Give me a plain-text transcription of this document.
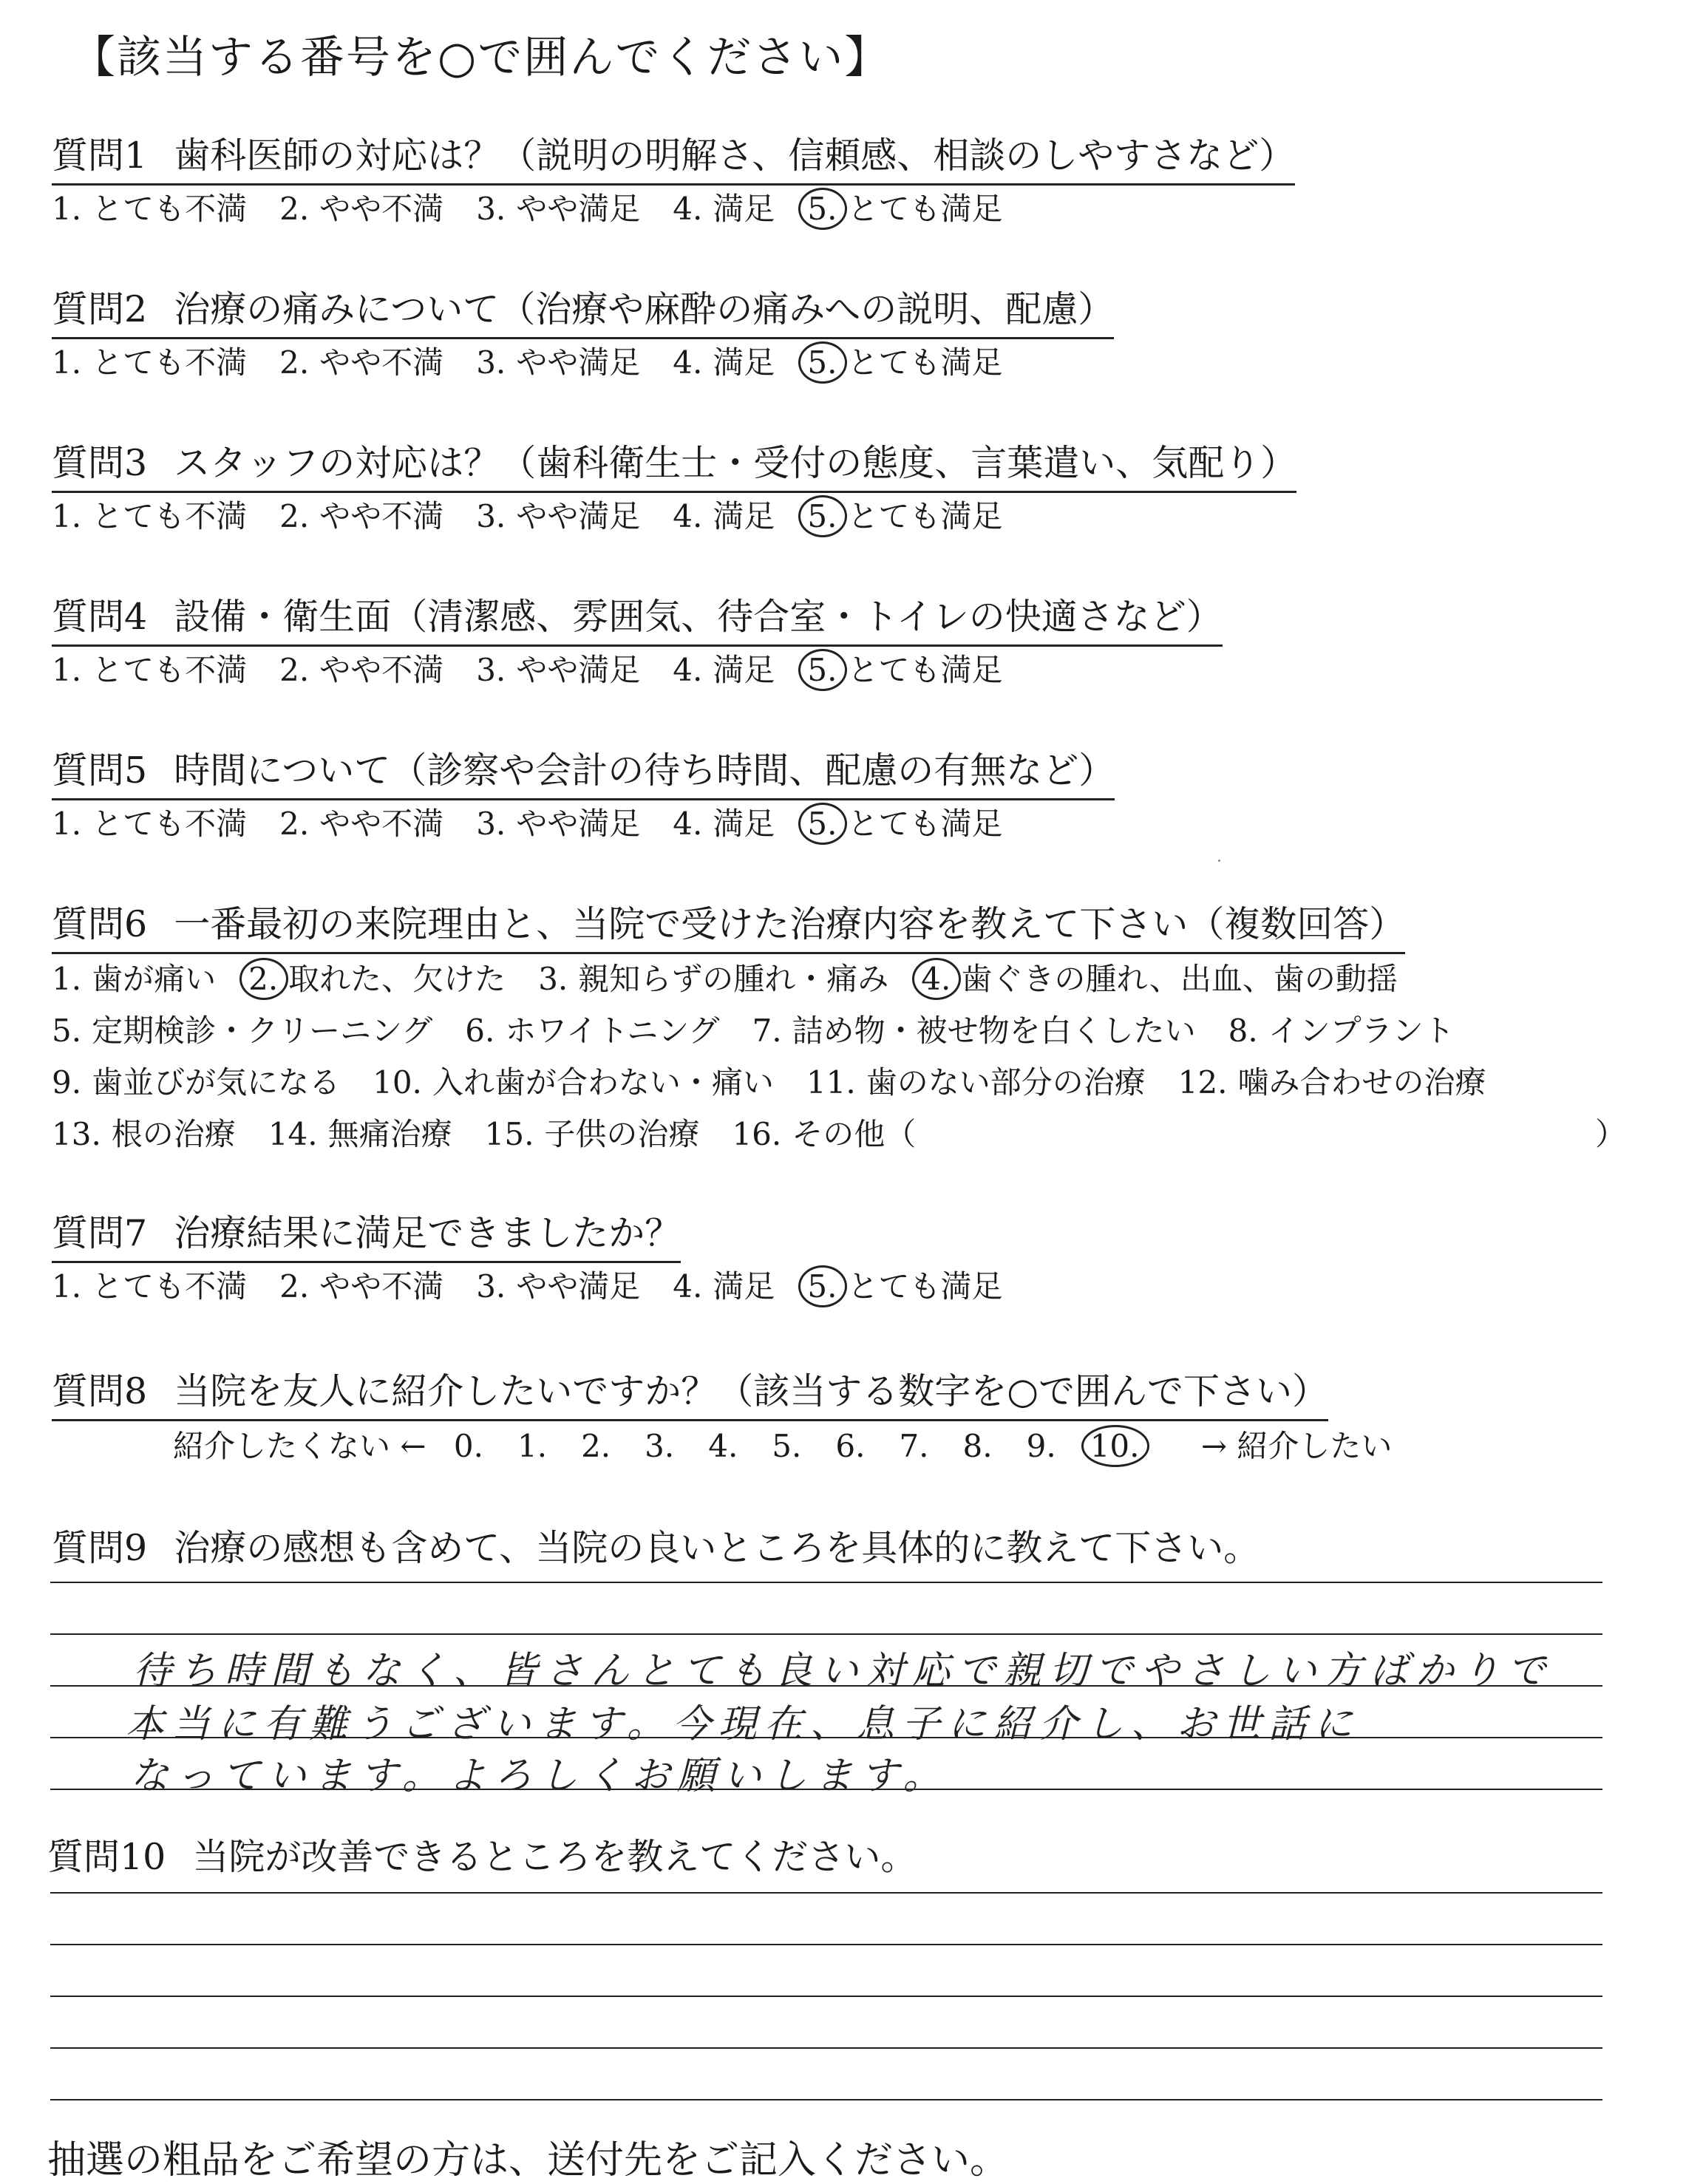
【該当する番号を○で囲んでください】
質問1 歯科医師の対応は？（説明の明解さ、信頼感、相談のしやすさなど）
1. とても不満 2. やや不満 3. やや満足 4. 満足 5. とても満足
質問2 治療の痛みについて（治療や麻酔の痛みへの説明、配慮）
1. とても不満 2. やや不満 3. やや満足 4. 満足 5. とても満足
質問3 スタッフの対応は？（歯科衛生士・受付の態度、言葉遣い、気配り）
1. とても不満 2. やや不満 3. やや満足 4. 満足 5. とても満足
質問4 設備・衛生面（清潔感、雰囲気、待合室・トイレの快適さなど）
1. とても不満 2. やや不満 3. やや満足 4. 満足 5. とても満足
質問5 時間について（診察や会計の待ち時間、配慮の有無など）
1. とても不満 2. やや不満 3. やや満足 4. 満足 5. とても満足
質問6 一番最初の来院理由と、当院で受けた治療内容を教えて下さい（複数回答）
1. 歯が痛い 2. 取れた、欠けた 3. 親知らずの腫れ・痛み 4. 歯ぐきの腫れ、出血、歯の動揺
5. 定期検診・クリーニング 6. ホワイトニング 7. 詰め物・被せ物を白くしたい 8. インプラント
9. 歯並びが気になる 10. 入れ歯が合わない・痛い 11. 歯のない部分の治療 12. 噛み合わせの治療
13. 根の治療 14. 無痛治療 15. 子供の治療 16. その他（	）
質問7 治療結果に満足できましたか？
1. とても不満 2. やや不満 3. やや満足 4. 満足 5. とても満足
質問8 当院を友人に紹介したいですか？（該当する数字を○で囲んで下さい）
紹介したくない ← 0. 1. 2. 3. 4. 5. 6. 7. 8. 9. 10. → 紹介したい
質問9 治療の感想も含めて、当院の良いところを具体的に教えて下さい。
待ち時間もなく、皆さんとても良い対応で親切でやさしい方ばかりで
本当に有難うございます。今現在、息子に紹介し、お世話に
なっています。よろしくお願いします。
質問10 当院が改善できるところを教えてください。
抽選の粗品をご希望の方は、送付先をご記入ください。
